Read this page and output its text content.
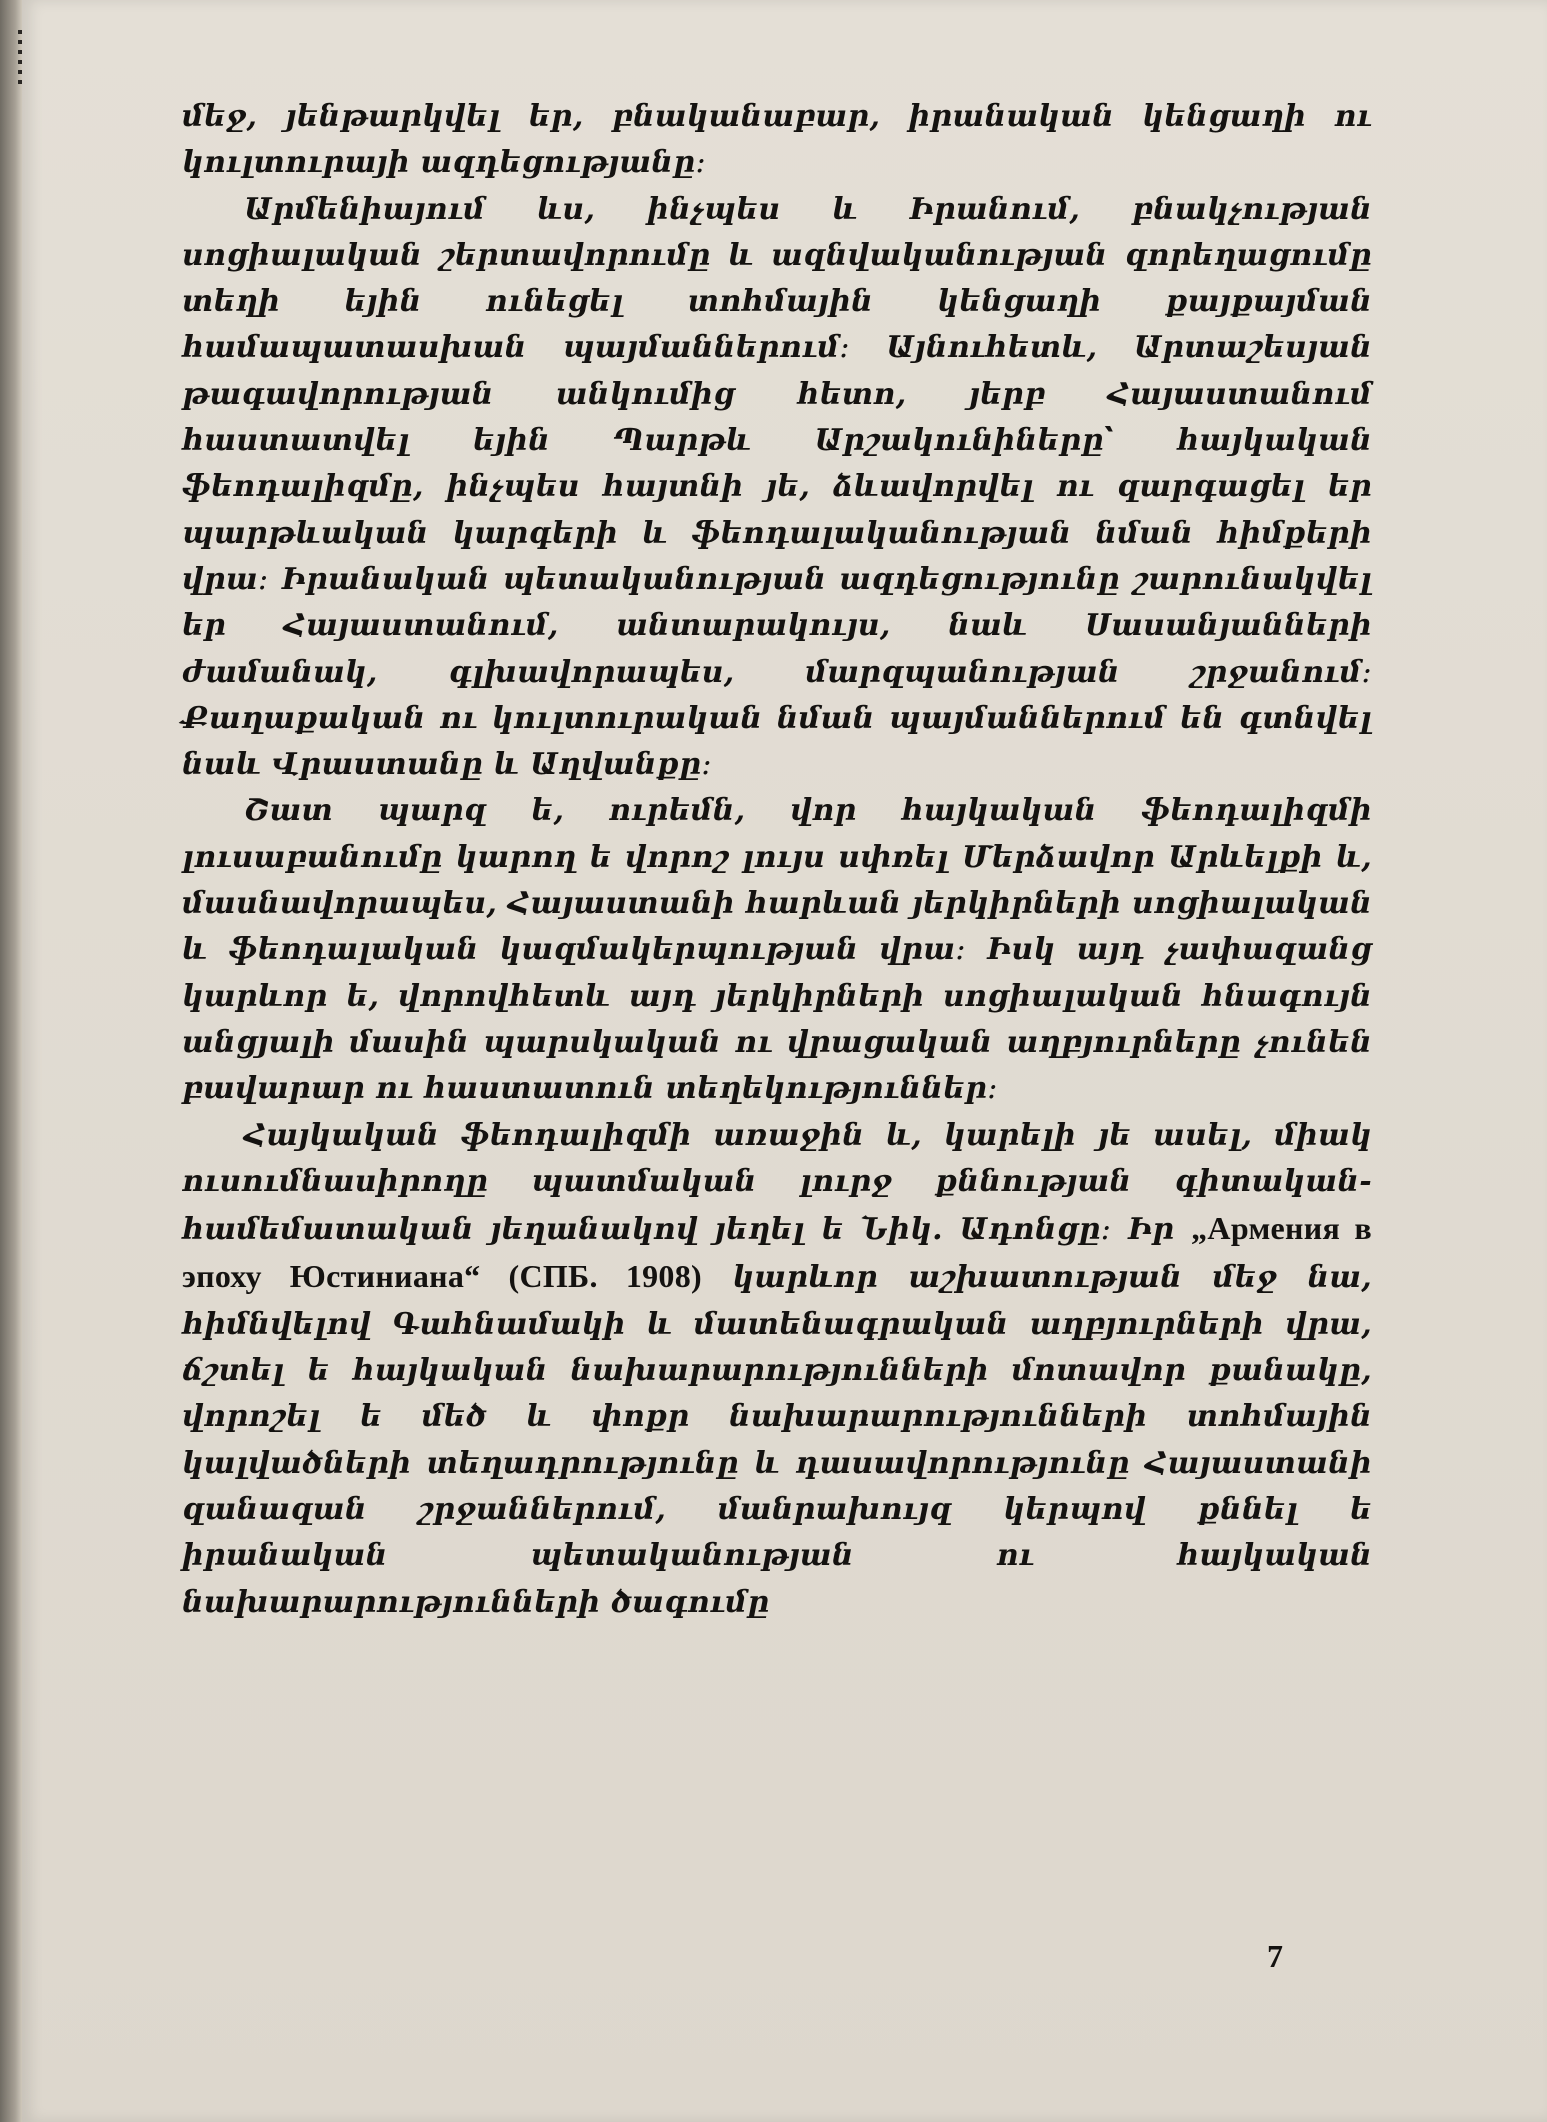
մեջ, յենթարկվել եր, բնականաբար, իրանական կենցաղի ու կուլտուրայի ազդեցությանը։

Արմենիայում ևս, ինչպես և Իրանում, բնակչության սոցիալական շերտավորումը և ազնվականության զորեղացումը տեղի եյին ունեցել տոհմային կենցաղի քայքայման համապատասխան պայմաններում։ Այնուհետև, Արտաշեսյան թագավորության անկումից հետո, յերբ Հայաստանում հաստատվել եյին Պարթև Արշակունիները՝ հայկական ֆեոդալիզմը, ինչպես հայտնի յե, ձևավորվել ու զարգացել եր պարթևական կարգերի և ֆեոդալականության նման հիմքերի վրա։ Իրանական պետականության ազդեցությունը շարունակվել եր Հայաստանում, անտարակույս, նաև Սասանյանների ժամանակ, գլխավորապես, մարզպանության շրջանում։ Քաղաքական ու կուլտուրական նման պայմաններում են գտնվել նաև Վրաստանը և Աղվանքը։

Շատ պարզ ե, ուրեմն, վոր հայկական ֆեոդալիզմի լուսաբանումը կարող ե վորոշ լույս սփռել Մերձավոր Արևելքի և, մասնավորապես, Հայաստանի հարևան յերկիրների սոցիալական և ֆեոդալական կազմակերպության վրա։ Իսկ այդ չափազանց կարևոր ե, վորովհետև այդ յերկիրների սոցիալական հնագույն անցյալի մասին պարսկական ու վրացական աղբյուրները չունեն բավարար ու հաստատուն տեղեկություններ։

Հայկական ֆեոդալիզմի առաջին և, կարելի յե ասել, միակ ուսումնասիրողը պատմական լուրջ քննության գիտական-համեմատական յեղանակով յեղել ե Նիկ. Ադոնցը։ Իր „Армения в эпоху Юстиниана“ (СПБ. 1908) կարևոր աշխատության մեջ նա, հիմնվելով Գահնամակի և մատենագրական աղբյուրների վրա, ճշտել ե հայկական նախարարությունների մոտավոր քանակը, վորոշել ե մեծ և փոքր նախարարությունների տոհմային կալվածների տեղադրությունը և դասավորությունը Հայաստանի զանազան շրջաններում, մանրախույզ կերպով քննել ե իրանական պետականության ու հայկական նախարարությունների ծագումը

7
